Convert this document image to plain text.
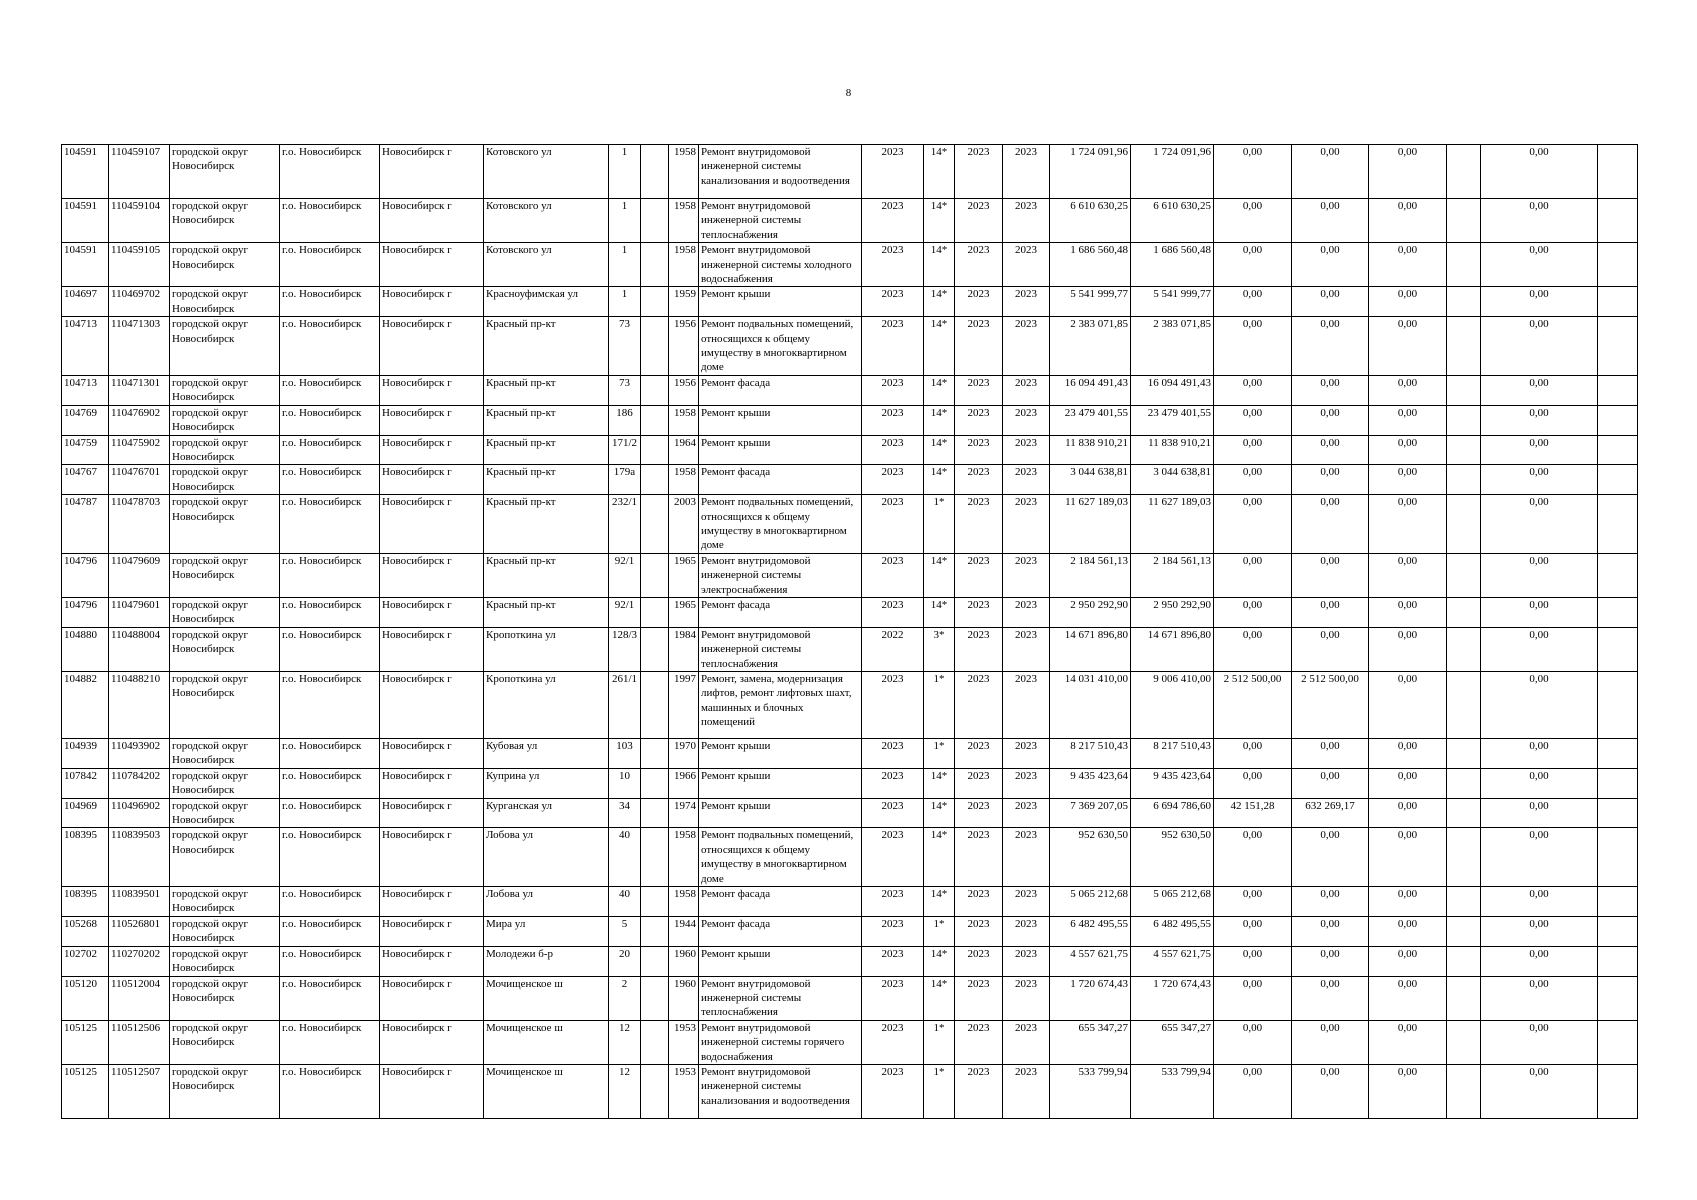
8
104591	110459107	городской округ Новосибирск	г.о. Новосибирск	Новосибирск г	Котовского ул	1		1958	Ремонт внутридомовой инженерной системы канализования и водоотведения	2023	14*	2023	2023	1 724 091,96	1 724 091,96	0,00	0,00	0,00		0,00	
104591	110459104	городской округ Новосибирск	г.о. Новосибирск	Новосибирск г	Котовского ул	1		1958	Ремонт внутридомовой инженерной системы теплоснабжения	2023	14*	2023	2023	6 610 630,25	6 610 630,25	0,00	0,00	0,00		0,00	
104591	110459105	городской округ Новосибирск	г.о. Новосибирск	Новосибирск г	Котовского ул	1		1958	Ремонт внутридомовой инженерной системы холодного водоснабжения	2023	14*	2023	2023	1 686 560,48	1 686 560,48	0,00	0,00	0,00		0,00	
104697	110469702	городской округ Новосибирск	г.о. Новосибирск	Новосибирск г	Красноуфимская ул	1		1959	Ремонт крыши	2023	14*	2023	2023	5 541 999,77	5 541 999,77	0,00	0,00	0,00		0,00	
104713	110471303	городской округ Новосибирск	г.о. Новосибирск	Новосибирск г	Красный пр-кт	73		1956	Ремонт подвальных помещений, относящихся к общему имуществу в многоквартирном доме	2023	14*	2023	2023	2 383 071,85	2 383 071,85	0,00	0,00	0,00		0,00	
104713	110471301	городской округ Новосибирск	г.о. Новосибирск	Новосибирск г	Красный пр-кт	73		1956	Ремонт фасада	2023	14*	2023	2023	16 094 491,43	16 094 491,43	0,00	0,00	0,00		0,00	
104769	110476902	городской округ Новосибирск	г.о. Новосибирск	Новосибирск г	Красный пр-кт	186		1958	Ремонт крыши	2023	14*	2023	2023	23 479 401,55	23 479 401,55	0,00	0,00	0,00		0,00	
104759	110475902	городской округ Новосибирск	г.о. Новосибирск	Новосибирск г	Красный пр-кт	171/2		1964	Ремонт крыши	2023	14*	2023	2023	11 838 910,21	11 838 910,21	0,00	0,00	0,00		0,00	
104767	110476701	городской округ Новосибирск	г.о. Новосибирск	Новосибирск г	Красный пр-кт	179а		1958	Ремонт фасада	2023	14*	2023	2023	3 044 638,81	3 044 638,81	0,00	0,00	0,00		0,00	
104787	110478703	городской округ Новосибирск	г.о. Новосибирск	Новосибирск г	Красный пр-кт	232/1		2003	Ремонт подвальных помещений, относящихся к общему имуществу в многоквартирном доме	2023	1*	2023	2023	11 627 189,03	11 627 189,03	0,00	0,00	0,00		0,00	
104796	110479609	городской округ Новосибирск	г.о. Новосибирск	Новосибирск г	Красный пр-кт	92/1		1965	Ремонт внутридомовой инженерной системы электроснабжения	2023	14*	2023	2023	2 184 561,13	2 184 561,13	0,00	0,00	0,00		0,00	
104796	110479601	городской округ Новосибирск	г.о. Новосибирск	Новосибирск г	Красный пр-кт	92/1		1965	Ремонт фасада	2023	14*	2023	2023	2 950 292,90	2 950 292,90	0,00	0,00	0,00		0,00	
104880	110488004	городской округ Новосибирск	г.о. Новосибирск	Новосибирск г	Кропоткина ул	128/3		1984	Ремонт внутридомовой инженерной системы теплоснабжения	2022	3*	2023	2023	14 671 896,80	14 671 896,80	0,00	0,00	0,00		0,00	
104882	110488210	городской округ Новосибирск	г.о. Новосибирск	Новосибирск г	Кропоткина ул	261/1		1997	Ремонт, замена, модернизация лифтов, ремонт лифтовых шахт, машинных и блочных помещений	2023	1*	2023	2023	14 031 410,00	9 006 410,00	2 512 500,00	2 512 500,00	0,00		0,00	
104939	110493902	городской округ Новосибирск	г.о. Новосибирск	Новосибирск г	Кубовая ул	103		1970	Ремонт крыши	2023	1*	2023	2023	8 217 510,43	8 217 510,43	0,00	0,00	0,00		0,00	
107842	110784202	городской округ Новосибирск	г.о. Новосибирск	Новосибирск г	Куприна ул	10		1966	Ремонт крыши	2023	14*	2023	2023	9 435 423,64	9 435 423,64	0,00	0,00	0,00		0,00	
104969	110496902	городской округ Новосибирск	г.о. Новосибирск	Новосибирск г	Курганская ул	34		1974	Ремонт крыши	2023	14*	2023	2023	7 369 207,05	6 694 786,60	42 151,28	632 269,17	0,00		0,00	
108395	110839503	городской округ Новосибирск	г.о. Новосибирск	Новосибирск г	Лобова ул	40		1958	Ремонт подвальных помещений, относящихся к общему имуществу в многоквартирном доме	2023	14*	2023	2023	952 630,50	952 630,50	0,00	0,00	0,00		0,00	
108395	110839501	городской округ Новосибирск	г.о. Новосибирск	Новосибирск г	Лобова ул	40		1958	Ремонт фасада	2023	14*	2023	2023	5 065 212,68	5 065 212,68	0,00	0,00	0,00		0,00	
105268	110526801	городской округ Новосибирск	г.о. Новосибирск	Новосибирск г	Мира ул	5		1944	Ремонт фасада	2023	1*	2023	2023	6 482 495,55	6 482 495,55	0,00	0,00	0,00		0,00	
102702	110270202	городской округ Новосибирск	г.о. Новосибирск	Новосибирск г	Молодежи б-р	20		1960	Ремонт крыши	2023	14*	2023	2023	4 557 621,75	4 557 621,75	0,00	0,00	0,00		0,00	
105120	110512004	городской округ Новосибирск	г.о. Новосибирск	Новосибирск г	Мочищенское ш	2		1960	Ремонт внутридомовой инженерной системы теплоснабжения	2023	14*	2023	2023	1 720 674,43	1 720 674,43	0,00	0,00	0,00		0,00	
105125	110512506	городской округ Новосибирск	г.о. Новосибирск	Новосибирск г	Мочищенское ш	12		1953	Ремонт внутридомовой инженерной системы горячего водоснабжения	2023	1*	2023	2023	655 347,27	655 347,27	0,00	0,00	0,00		0,00	
105125	110512507	городской округ Новосибирск	г.о. Новосибирск	Новосибирск г	Мочищенское ш	12		1953	Ремонт внутридомовой инженерной системы канализования и водоотведения	2023	1*	2023	2023	533 799,94	533 799,94	0,00	0,00	0,00		0,00	
